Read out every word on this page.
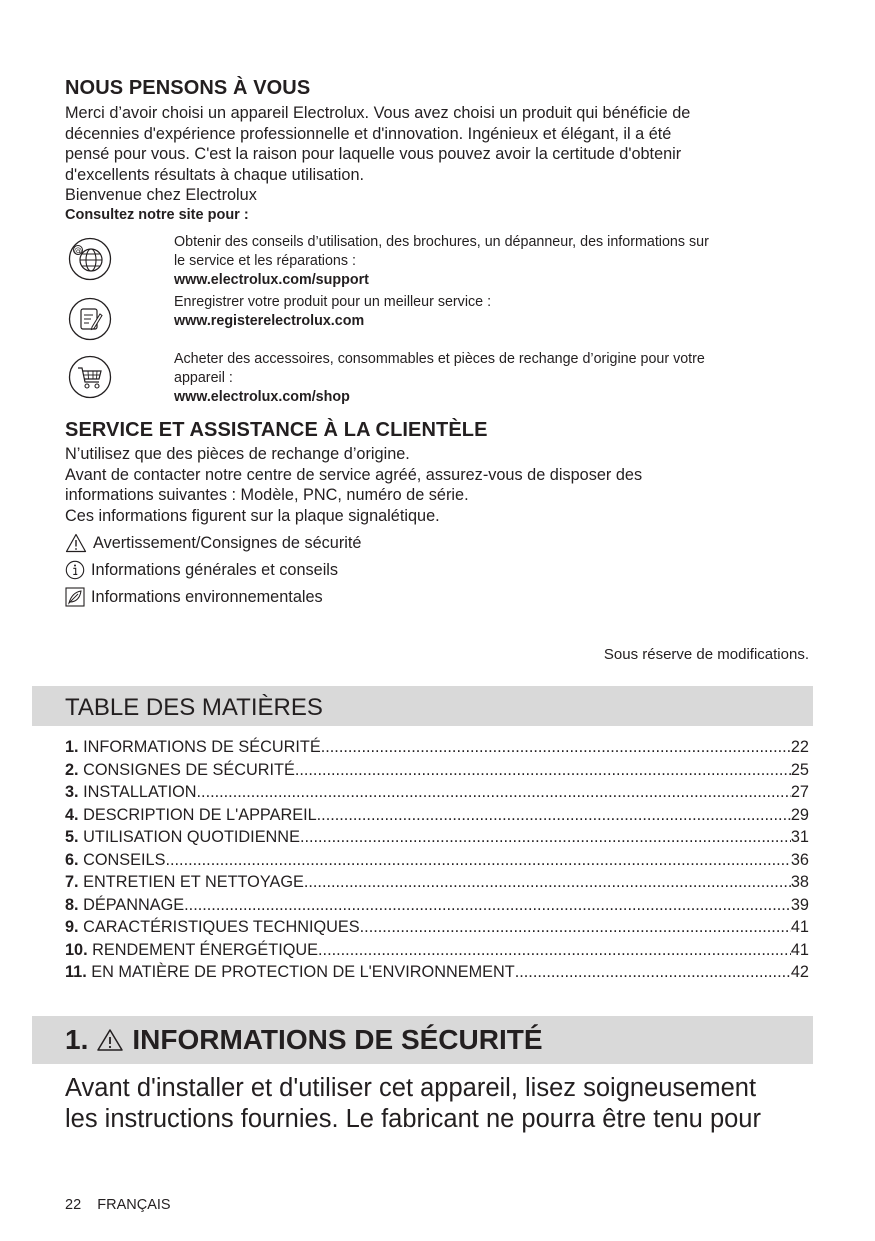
NOUS PENSONS À VOUS
Merci d’avoir choisi un appareil Electrolux. Vous avez choisi un produit qui bénéficie de
décennies d'expérience professionnelle et d'innovation. Ingénieux et élégant, il a été
pensé pour vous. C'est la raison pour laquelle vous pouvez avoir la certitude d'obtenir
d'excellents résultats à chaque utilisation.
Bienvenue chez Electrolux
Consultez notre site pour :
@
Obtenir des conseils d’utilisation, des brochures, un dépanneur, des informations sur
le service et les réparations :
www.electrolux.com/support
Enregistrer votre produit pour un meilleur service :
www.registerelectrolux.com
Acheter des accessoires, consommables et pièces de rechange d’origine pour votre
appareil :
www.electrolux.com/shop
SERVICE ET ASSISTANCE À LA CLIENTÈLE
N’utilisez que des pièces de rechange d’origine.
Avant de contacter notre centre de service agréé, assurez-vous de disposer des
informations suivantes : Modèle, PNC, numéro de série.
Ces informations figurent sur la plaque signalétique.
Avertissement/Consignes de sécurité
Informations générales et conseils
Informations environnementales
Sous réserve de modifications.
TABLE DES MATIÈRES
1. INFORMATIONS DE SÉCURITÉ .....	22
2. CONSIGNES DE SÉCURITÉ .....	25
3. INSTALLATION .....	27
4. DESCRIPTION DE L'APPAREIL .....	29
5. UTILISATION QUOTIDIENNE .....	31
6. CONSEILS .....	36
7. ENTRETIEN ET NETTOYAGE .....	38
8. DÉPANNAGE .....	39
9. CARACTÉRISTIQUES TECHNIQUES .....	41
10. RENDEMENT ÉNERGÉTIQUE .....	41
11. EN MATIÈRE DE PROTECTION DE L'ENVIRONNEMENT .....	42
1. INFORMATIONS DE SÉCURITÉ
Avant d'installer et d'utiliser cet appareil, lisez soigneusement
les instructions fournies. Le fabricant ne pourra être tenu pour
22 FRANÇAIS
